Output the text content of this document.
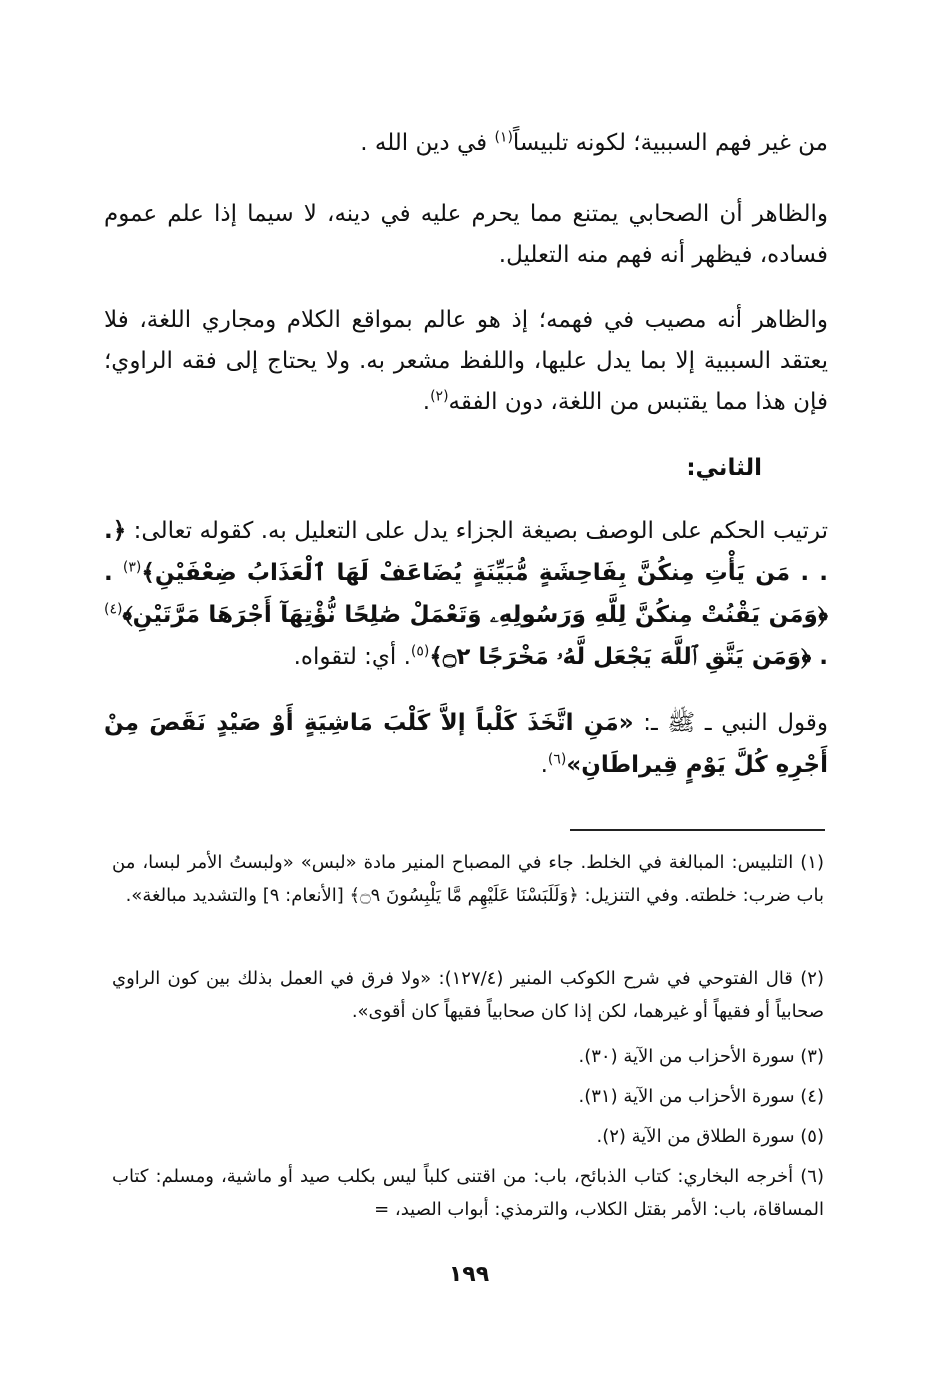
من غير فهم السببية؛ لكونه تلبيساً$^{(١)}$ في دين الله .
والظاهر أن الصحابي يمتنع مما يحرم عليه في دينه، لا سيما إذا علم عموم فساده، فيظهر أنه فهم منه التعليل.
والظاهر أنه مصيب في فهمه؛ إذ هو عالم بمواقع الكلام ومجاري اللغة، فلا يعتقد السببية إلا بما يدل عليها، واللفظ مشعر به. ولا يحتاج إلى فقه الراوي؛ فإن هذا مما يقتبس من اللغة، دون الفقه$^{(٢)}$.
الثاني:
ترتيب الحكم على الوصف بصيغة الجزاء يدل على التعليل به. كقوله تعالى: ﴿. . . مَن يَأْتِ مِنكُنَّ بِفَاحِشَةٍ مُّبَيِّنَةٍ يُضَاعَفْ لَهَا ٱلْعَذَابُ ضِعْفَيْنِ﴾$^{(٣)}$ . ﴿وَمَن يَقْنُتْ مِنكُنَّ لِلَّهِ وَرَسُولِهِۦ وَتَعْمَلْ صَٰلِحًا نُّؤْتِهَآ أَجْرَهَا مَرَّتَيْنِ﴾$^{(٤)}$ . ﴿وَمَن يَتَّقِ ٱللَّهَ يَجْعَل لَّهُۥ مَخْرَجًا ۝٢﴾$^{(٥)}$. أي: لتقواه.
وقول النبي ـ ﷺ ـ: «مَنِ اتَّخَذَ كَلْباً إلاَّ كَلْبَ مَاشِيَةٍ أَوْ صَيْدٍ نَقَصَ مِنْ أَجْرِهِ كُلَّ يَوْمٍ قِيراطَانِ»$^{(٦)}$.
(١) التلبيس: المبالغة في الخلط. جاء في المصباح المنير مادة «لبس» «ولبستُ الأمر لبسا، من باب ضرب: خلطته. وفي التنزيل: ﴿وَلَلَبَسْنَا عَلَيْهِم مَّا يَلْبِسُونَ ۝٩﴾ [الأنعام: ٩] والتشديد مبالغة».
(٢) قال الفتوحي في شرح الكوكب المنير (١٢٧/٤): «ولا فرق في العمل بذلك بين كون الراوي صحابياً أو فقيهاً أو غيرهما، لكن إذا كان صحابياً فقيهاً كان أقوى».
(٣) سورة الأحزاب من الآية (٣٠).
(٤) سورة الأحزاب من الآية (٣١).
(٥) سورة الطلاق من الآية (٢).
(٦) أخرجه البخاري: كتاب الذبائح، باب: من اقتنى كلباً ليس بكلب صيد أو ماشية، ومسلم: كتاب المساقاة، باب: الأمر بقتل الكلاب، والترمذي: أبواب الصيد، =
١٩٩
